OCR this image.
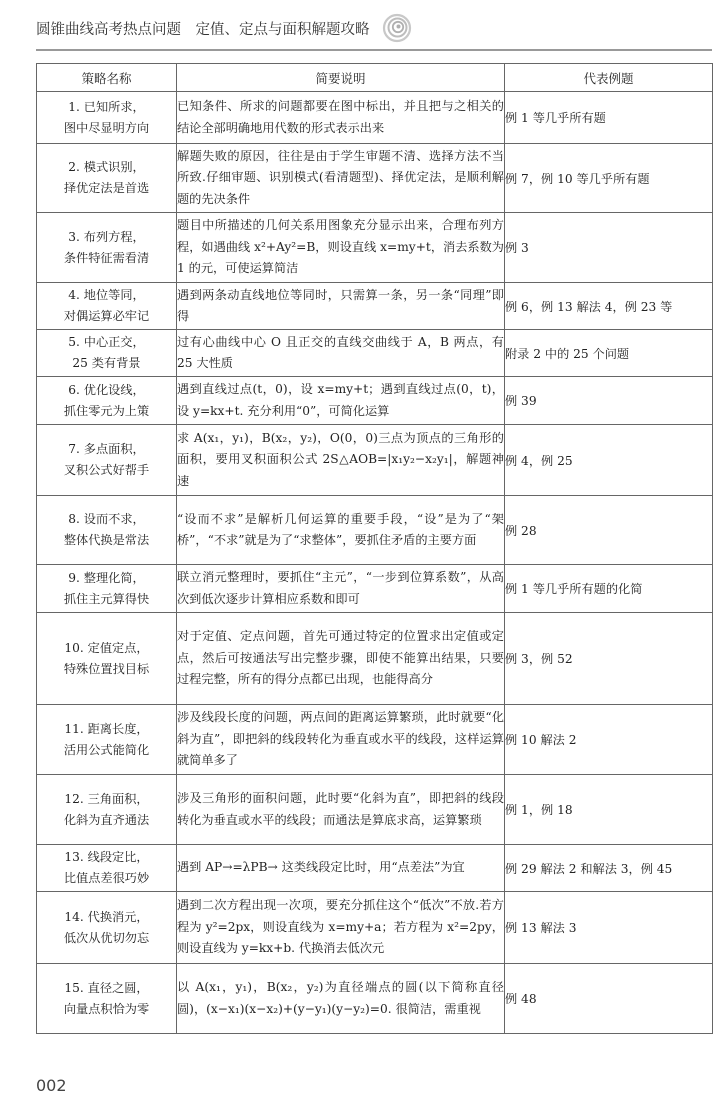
圆锥曲线高考热点问题　定值、定点与面积解题攻略
策略名称	简要说明	代表例题

1. 已知所求，
图中尽显明方向	已知条件、所求的问题都要在图中标出，并且把与之相关的结论全部明确地用代数的形式表示出来	例 1 等几乎所有题

2. 模式识别，
择优定法是首选	解题失败的原因，往往是由于学生审题不清、选择方法不当所致.仔细审题、识别模式(看清题型)、择优定法，是顺利解题的先决条件	例 7，例 10 等几乎所有题

3. 布列方程，
条件特征需看清	题目中所描述的几何关系用图象充分显示出来，合理布列方程，如遇曲线 x²+Ay²=B，则设直线 x=my+t，消去系数为 1 的元，可使运算简洁	例 3

4. 地位等同，
对偶运算必牢记	遇到两条动直线地位等同时，只需算一条，另一条“同理”即得	例 6，例 13 解法 4，例 23 等

5. 中心正交，
25 类有背景	过有心曲线中心 O 且正交的直线交曲线于 A，B 两点，有 25 大性质	附录 2 中的 25 个问题

6. 优化设线，
抓住零元为上策	遇到直线过点(t，0)，设 x=my+t；遇到直线过点(0，t)，设 y=kx+t. 充分利用“0”，可简化运算	例 39

7. 多点面积，
叉积公式好帮手	求 A(x₁，y₁)，B(x₂，y₂)，O(0，0)三点为顶点的三角形的面积，要用叉积面积公式 2S△AOB=|x₁y₂−x₂y₁|，解题神速	例 4，例 25

8. 设而不求，
整体代换是常法	“设而不求”是解析几何运算的重要手段，“设”是为了“架桥”，“不求”就是为了“求整体”，要抓住矛盾的主要方面	例 28

9. 整理化简，
抓住主元算得快	联立消元整理时，要抓住“主元”，“一步到位算系数”，从高次到低次逐步计算相应系数和即可	例 1 等几乎所有题的化简

10. 定值定点，
特殊位置找目标	对于定值、定点问题，首先可通过特定的位置求出定值或定点，然后可按通法写出完整步骤，即使不能算出结果，只要过程完整，所有的得分点都已出现，也能得高分	例 3，例 52

11. 距离长度，
活用公式能简化	涉及线段长度的问题，两点间的距离运算繁琐，此时就要“化斜为直”，即把斜的线段转化为垂直或水平的线段，这样运算就简单多了	例 10 解法 2

12. 三角面积，
化斜为直齐通法	涉及三角形的面积问题，此时要“化斜为直”，即把斜的线段转化为垂直或水平的线段；而通法是算底求高，运算繁琐	例 1，例 18

13. 线段定比，
比值点差很巧妙	遇到 AP→=λPB→ 这类线段定比时，用“点差法”为宜	例 29 解法 2 和解法 3，例 45

14. 代换消元，
低次从优切勿忘	遇到二次方程出现一次项，要充分抓住这个“低次”不放.若方程为 y²=2px，则设直线为 x=my+a；若方程为 x²=2py，则设直线为 y=kx+b. 代换消去低次元	例 13 解法 3

15. 直径之圆，
向量点积恰为零	以 A(x₁，y₁)，B(x₂，y₂)为直径端点的圆(以下简称直径圆)，(x−x₁)(x−x₂)+(y−y₁)(y−y₂)=0. 很简洁，需重视	例 48
002
